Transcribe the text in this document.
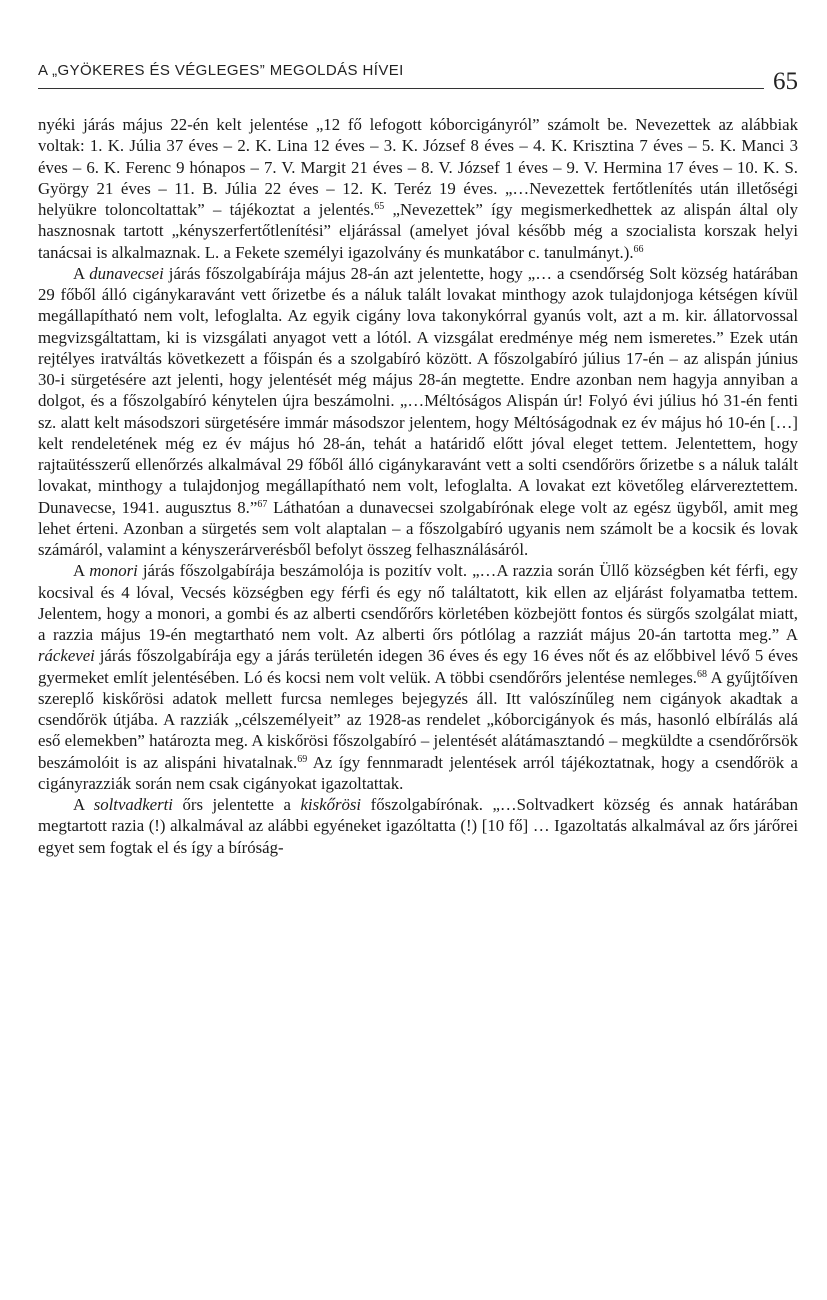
A „GYÖKERES ÉS VÉGLEGES” MEGOLDÁS HÍVEI	65

nyéki járás május 22-én kelt jelentése „12 fő lefogott kóborcigányról” számolt be. Nevezettek az alábbiak voltak: 1. K. Júlia 37 éves – 2. K. Lina 12 éves – 3. K. József 8 éves – 4. K. Krisztina 7 éves – 5. K. Manci 3 éves – 6. K. Ferenc 9 hónapos – 7. V. Margit 21 éves – 8. V. József 1 éves – 9. V. Hermina 17 éves – 10. K. S. György 21 éves – 11. B. Júlia 22 éves – 12. K. Teréz 19 éves. „…Nevezettek fertőtlenítés után illetőségi helyükre toloncoltattak” – tájékoztat a jelentés.$^{65}$ „Nevezettek” így megismerkedhettek az alispán által oly hasznosnak tartott „kényszerfertőtlenítési” eljárással (amelyet jóval később még a szocialista korszak helyi tanácsai is alkalmaznak. L. a Fekete személyi igazolvány és munkatábor c. tanulmányt.).$^{66}$

A dunavecsei járás főszolgabírája május 28-án azt jelentette, hogy „… a csendőrség Solt község határában 29 főből álló cigánykaravánt vett őrizetbe és a náluk talált lovakat minthogy azok tulajdonjoga kétségen kívül megállapítható nem volt, lefoglalta. Az egyik cigány lova takonykórral gyanús volt, azt a m. kir. állatorvossal megvizsgáltattam, ki is vizsgálati anyagot vett a lótól. A vizsgálat eredménye még nem ismeretes.” Ezek után rejtélyes iratváltás következett a főispán és a szolgabíró között. A főszolgabíró július 17-én – az alispán június 30-i sürgetésére azt jelenti, hogy jelentését még május 28-án megtette. Endre azonban nem hagyja annyiban a dolgot, és a főszolgabíró kénytelen újra beszámolni. „…Méltóságos Alispán úr! Folyó évi július hó 31-én fenti sz. alatt kelt másodszori sürgetésére immár másodszor jelentem, hogy Méltóságodnak ez év május hó 10-én […] kelt rendeletének még ez év május hó 28-án, tehát a határidő előtt jóval eleget tettem. Jelentettem, hogy rajtaütésszerű ellenőrzés alkalmával 29 főből álló cigánykaravánt vett a solti csendőrörs őrizetbe s a náluk talált lovakat, minthogy a tulajdonjog megállapítható nem volt, lefoglalta. A lovakat ezt követőleg elárvereztettem. Dunavecse, 1941. augusztus 8.”$^{67}$ Láthatóan a dunavecsei szolgabírónak elege volt az egész ügyből, amit meg lehet érteni. Azonban a sürgetés sem volt alaptalan – a főszolgabíró ugyanis nem számolt be a kocsik és lovak számáról, valamint a kényszerárverésből befolyt összeg felhasználásáról.

A monori járás főszolgabírája beszámolója is pozitív volt. „…A razzia során Üllő községben két férfi, egy kocsival és 4 lóval, Vecsés községben egy férfi és egy nő találtatott, kik ellen az eljárást folyamatba tettem. Jelentem, hogy a monori, a gombi és az alberti csendőrőrs körletében közbejött fontos és sürgős szolgálat miatt, a razzia május 19-én megtartható nem volt. Az alberti őrs pótlólag a razziát május 20-án tartotta meg.” A ráckevei járás főszolgabírája egy a járás területén idegen 36 éves és egy 16 éves nőt és az előbbivel lévő 5 éves gyermeket említ jelentésében. Ló és kocsi nem volt velük. A többi csendőrőrs jelentése nemleges.$^{68}$ A gyűjtőíven szereplő kiskőrösi adatok mellett furcsa nemleges bejegyzés áll. Itt valószínűleg nem cigányok akadtak a csendőrök útjába. A razziák „célszemélyeit” az 1928-as rendelet „kóborcigányok és más, hasonló elbírálás alá eső elemekben” határozta meg. A kiskőrösi főszolgabíró – jelentését alátámasztandó – megküldte a csendőrőrsök beszámolóit is az alispáni hivatalnak.$^{69}$ Az így fennmaradt jelentések arról tájékoztatnak, hogy a csendőrök a cigányrazziák során nem csak cigányokat igazoltattak.

A soltvadkerti őrs jelentette a kiskőrösi főszolgabírónak. „…Soltvadkert község és annak határában megtartott razia (!) alkalmával az alábbi egyéneket igazóltatta (!) [10 fő] … Igazoltatás alkalmával az őrs járőrei egyet sem fogtak el és így a bíróság-
